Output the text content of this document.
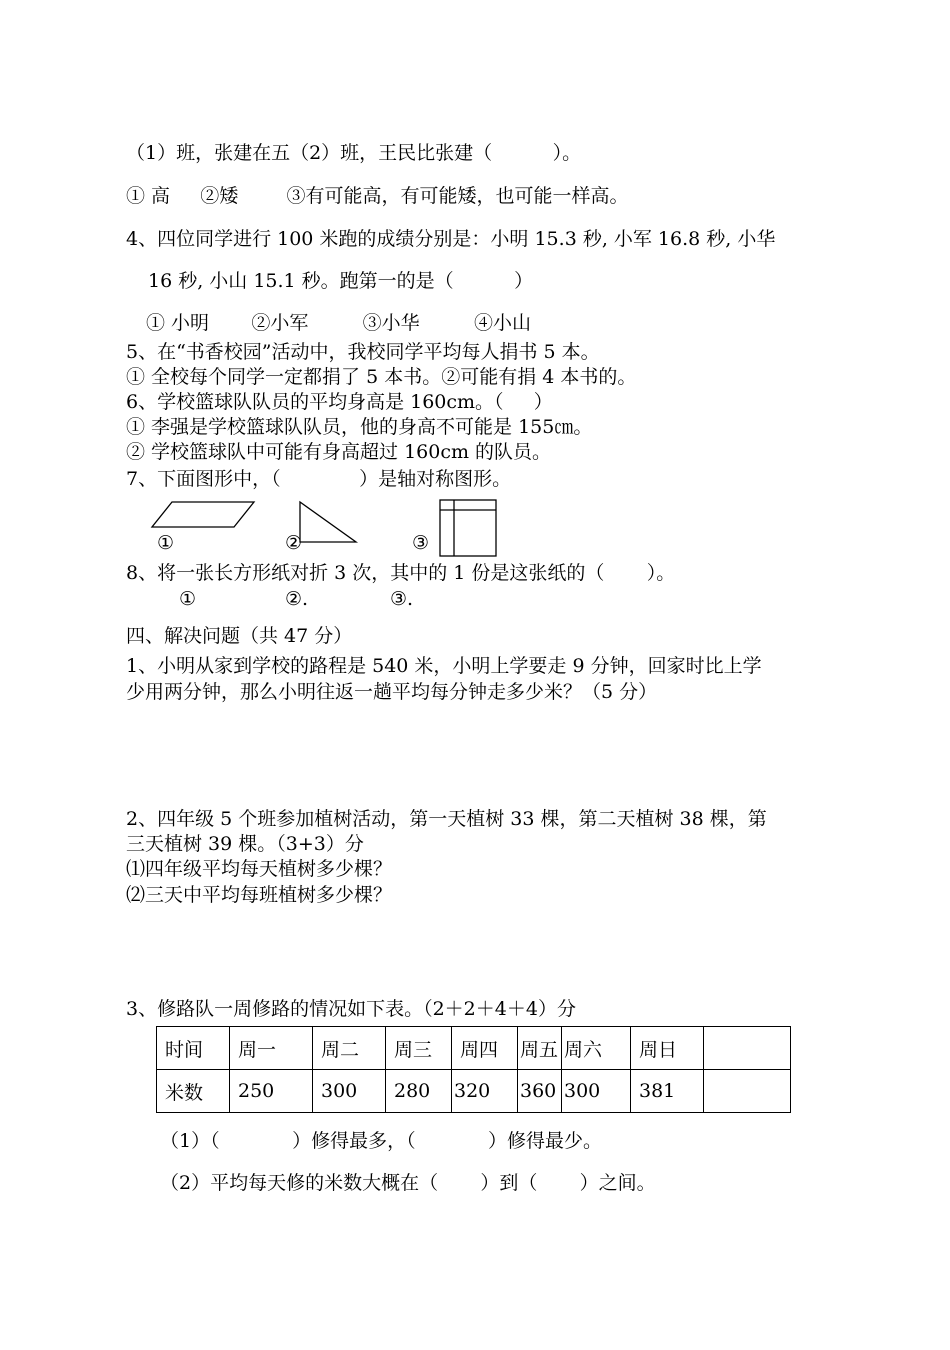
（1）班，张建在五（2）班，王民比张建（          ）。
① 高     ②矮        ③有可能高，有可能矮，也可能一样高。
4、四位同学进行 100 米跑的成绩分别是：小明 15.3 秒, 小军 16.8 秒, 小华
16 秒, 小山 15.1 秒。跑第一的是（          ）
① 小明       ②小军         ③小华         ④小山
5、在“书香校园”活动中，我校同学平均每人捐书 5 本。
① 全校每个同学一定都捐了 5 本书。②可能有捐 4 本书的。
6、学校篮球队队员的平均身高是 160cm。（     ）
① 李强是学校篮球队队员，他的身高不可能是 155㎝。
② 学校篮球队中可能有身高超过 160cm 的队员。
7、下面图形中，（             ）是轴对称图形。
①	②	③
8、将一张长方形纸对折 3 次，其中的 1 份是这张纸的（       ）。
①	②.	③.
四、解决问题（共 47 分）
1、小明从家到学校的路程是 540 米，小明上学要走 9 分钟，回家时比上学
少用两分钟，那么小明往返一趟平均每分钟走多少米？（5 分）
2、四年级 5 个班参加植树活动，第一天植树 33 棵，第二天植树 38 棵，第
三天植树 39 棵。（3+3）分
⑴四年级平均每天植树多少棵？
⑵三天中平均每班植树多少棵？
3、修路队一周修路的情况如下表。（2＋2＋4＋4）分
时间	周一	周二	周三	周四	周五	周六	周日	
米数	250	300	280	320	360	300	381	
（1）（            ）修得最多，（            ）修得最少。
（2）平均每天修的米数大概在（       ）到（       ）之间。
